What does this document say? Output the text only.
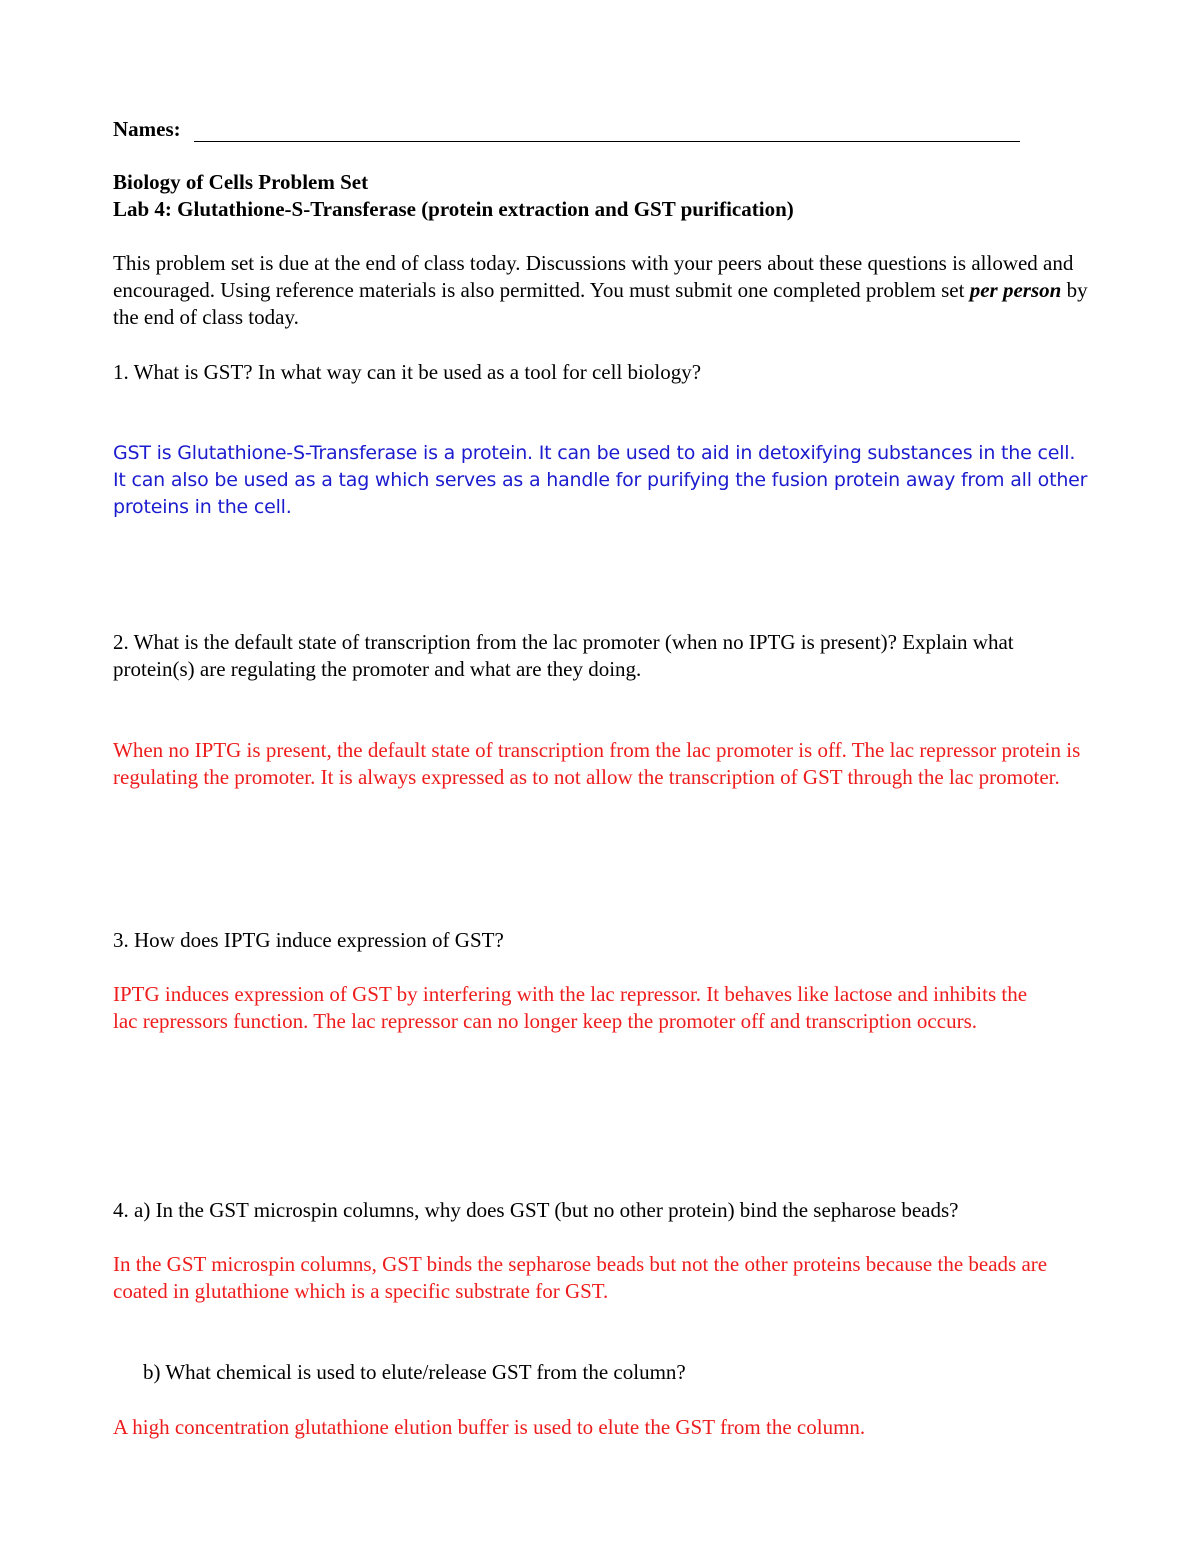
Names:
Biology of Cells Problem Set
Lab 4: Glutathione-S-Transferase (protein extraction and GST purification)

This problem set is due at the end of class today. Discussions with your peers about these questions is allowed and encouraged. Using reference materials is also permitted. You must submit one completed problem set per person by the end of class today.

1. What is GST? In what way can it be used as a tool for cell biology?

GST is Glutathione-S-Transferase is a protein. It can be used to aid in detoxifying substances in the cell. It can also be used as a tag which serves as a handle for purifying the fusion protein away from all other proteins in the cell.

2. What is the default state of transcription from the lac promoter (when no IPTG is present)? Explain what protein(s) are regulating the promoter and what are they doing.

When no IPTG is present, the default state of transcription from the lac promoter is off. The lac repressor protein is regulating the promoter. It is always expressed as to not allow the transcription of GST through the lac promoter.

3. How does IPTG induce expression of GST?

IPTG induces expression of GST by interfering with the lac repressor. It behaves like lactose and inhibits the lac repressors function. The lac repressor can no longer keep the promoter off and transcription occurs.

4. a) In the GST microspin columns, why does GST (but no other protein) bind the sepharose beads?

In the GST microspin columns, GST binds the sepharose beads but not the other proteins because the beads are coated in glutathione which is a specific substrate for GST.

b) What chemical is used to elute/release GST from the column?

A high concentration glutathione elution buffer is used to elute the GST from the column.
